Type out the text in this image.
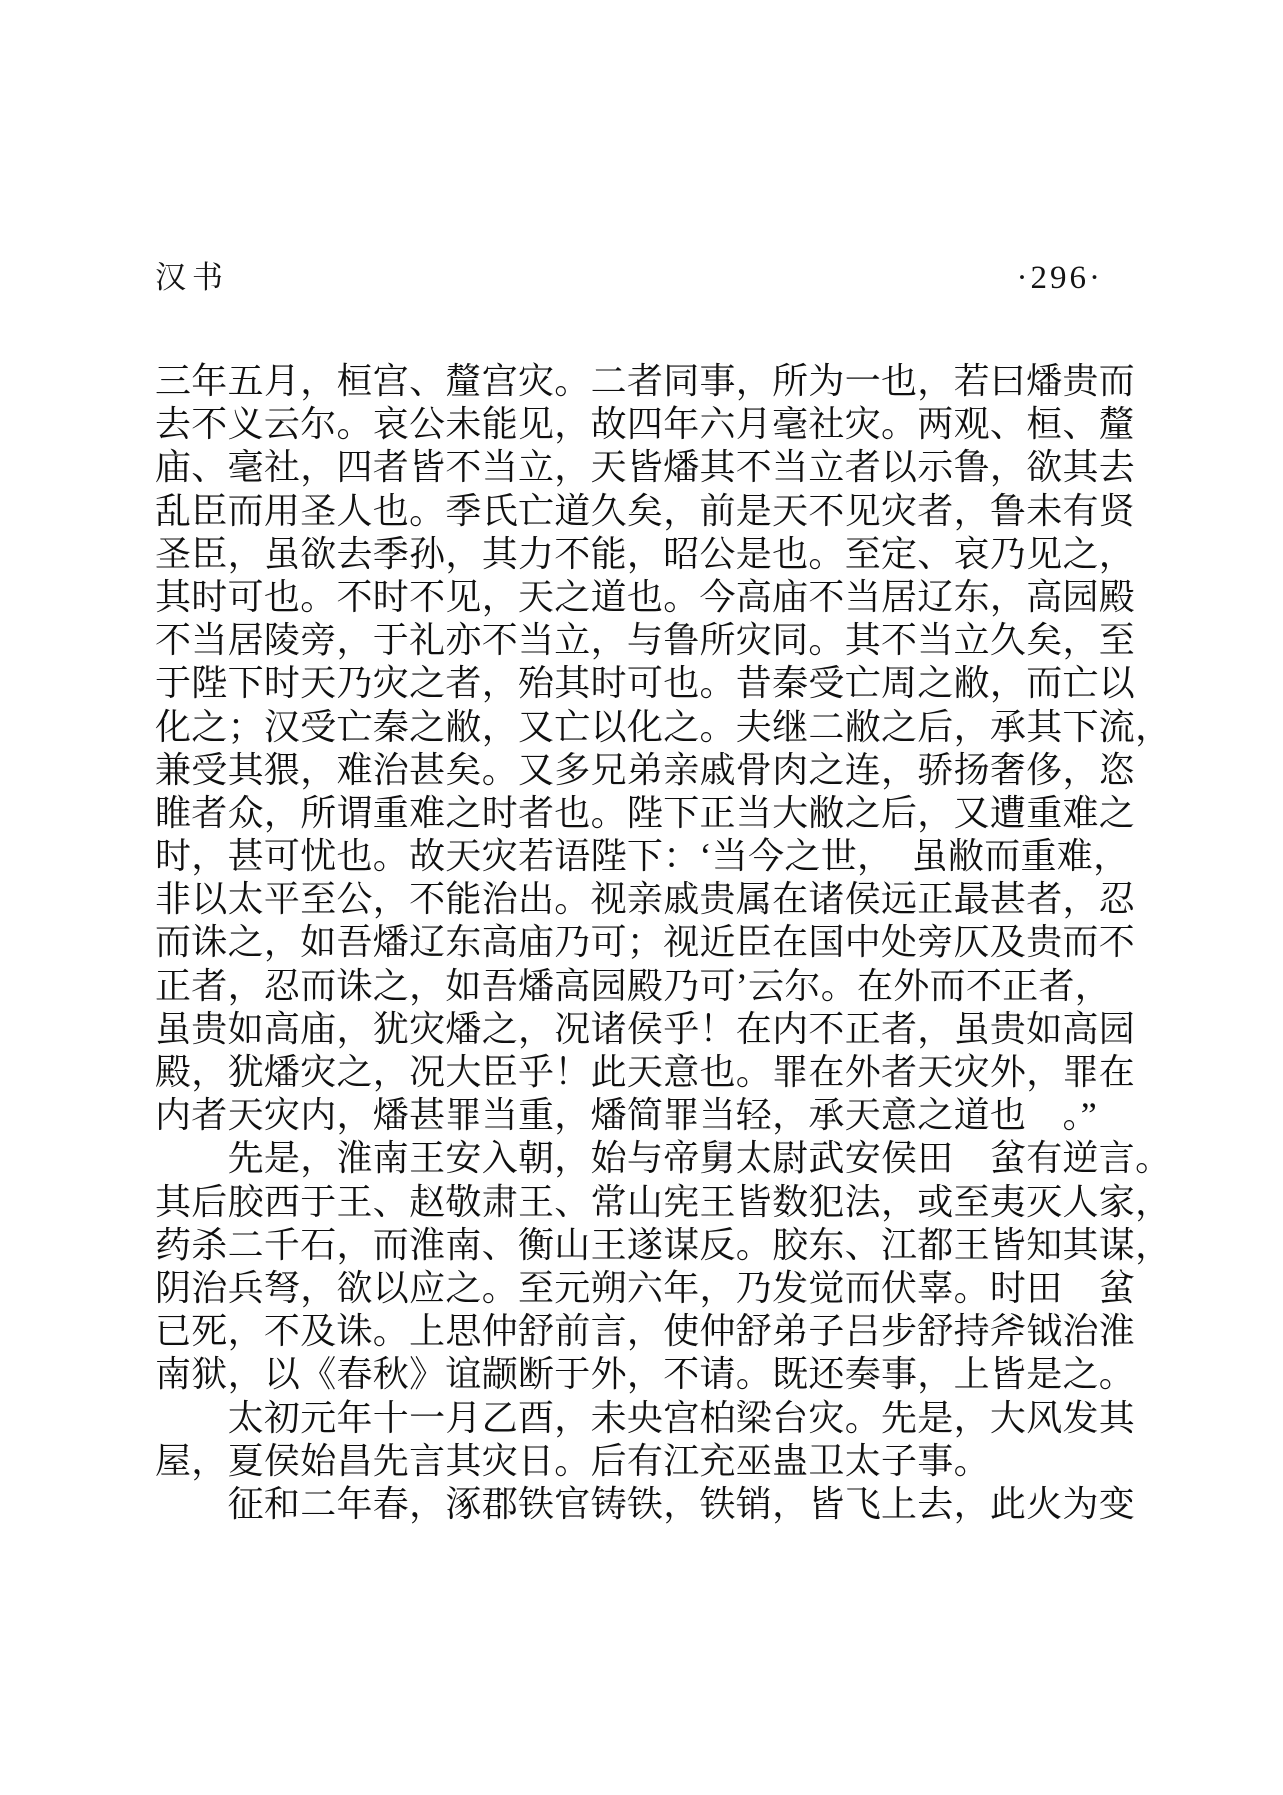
汉书	·296·
三年五月，桓宫、釐宫灾。二者同事，所为一也，若曰燔贵而
去不义云尔。哀公未能见，故四年六月毫社灾。两观、桓、釐
庙、毫社，四者皆不当立，天皆燔其不当立者以示鲁，欲其去
乱臣而用圣人也。季氏亡道久矣，前是天不见灾者，鲁未有贤
圣臣，虽欲去季孙，其力不能，昭公是也。至定、哀乃见之，
其时可也。不时不见，天之道也。今高庙不当居辽东，高园殿
不当居陵旁，于礼亦不当立，与鲁所灾同。其不当立久矣，至
于陛下时天乃灾之者，殆其时可也。昔秦受亡周之敝，而亡以
化之；汉受亡秦之敝，又亡以化之。夫继二敝之后，承其下流，
兼受其猥，难治甚矣。又多兄弟亲戚骨肉之连，骄扬奢侈，恣
睢者众，所谓重难之时者也。陛下正当大敝之后，又遭重难之
时，甚可忧也。故天灾若语陛下：‘当今之世，　虽敝而重难，
非以太平至公，不能治出。视亲戚贵属在诸侯远正最甚者，忍
而诛之，如吾燔辽东高庙乃可；视近臣在国中处旁仄及贵而不
正者，忍而诛之，如吾燔高园殿乃可’云尔。在外而不正者，
虽贵如高庙，犹灾燔之，况诸侯乎！在内不正者，虽贵如高园
殿，犹燔灾之，况大臣乎！此天意也。罪在外者天灾外，罪在
内者天灾内，燔甚罪当重，燔简罪当轻，承天意之道也　。”
　　先是，淮南王安入朝，始与帝舅太尉武安侯田　蚠有逆言。
其后胶西于王、赵敬肃王、常山宪王皆数犯法，或至夷灭人家，
药杀二千石，而淮南、衡山王遂谋反。胶东、江都王皆知其谋，
阴治兵弩，欲以应之。至元朔六年，乃发觉而伏辜。时田　蚠
已死，不及诛。上思仲舒前言，使仲舒弟子吕步舒持斧钺治淮
南狱，以《春秋》谊颛断于外，不请。既还奏事，上皆是之。
　　太初元年十一月乙酉，未央宫柏梁台灾。先是，大风发其
屋，夏侯始昌先言其灾日。后有江充巫蛊卫太子事。
　　征和二年春，涿郡铁官铸铁，铁销，皆飞上去，此火为变
